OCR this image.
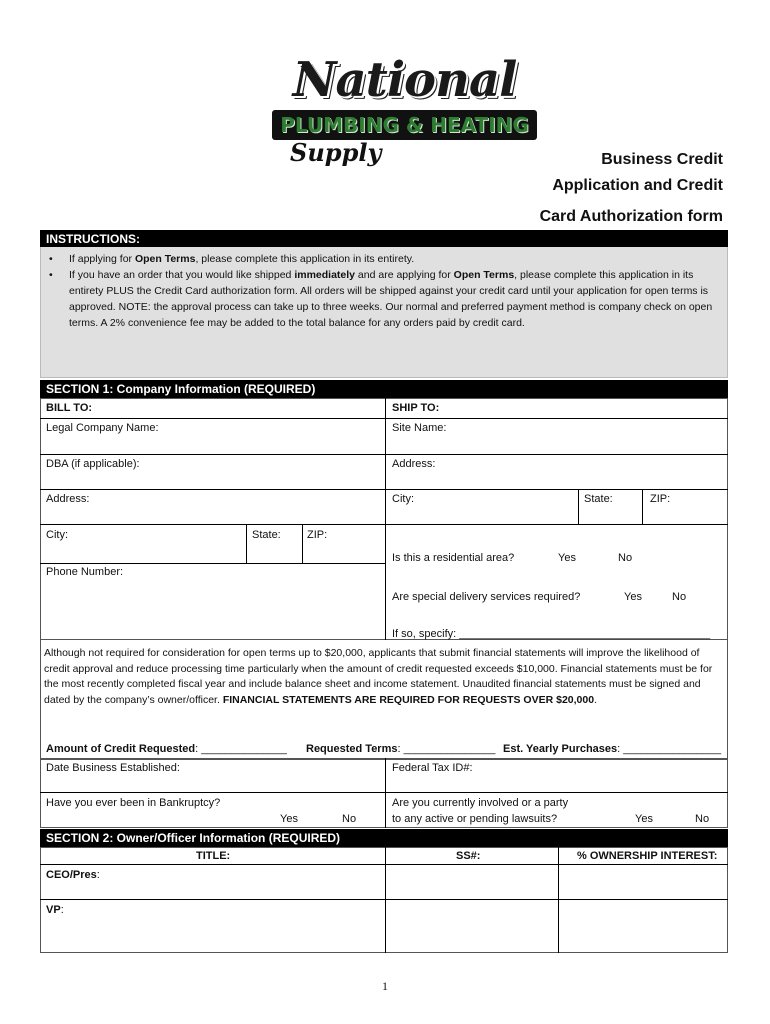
National
PLUMBING & HEATING
Supply	Business Credit
Application and Credit
Card Authorization form
INSTRUCTIONS:
• If applying for Open Terms, please complete this application in its entirety.
• If you have an order that you would like shipped immediately and are applying for Open Terms, please complete this application in its entirety PLUS the Credit Card authorization form. All orders will be shipped against your credit card until your application for open terms is approved. NOTE: the approval process can take up to three weeks. Our normal and preferred payment method is company check on open terms. A 2% convenience fee may be added to the total balance for any orders paid by credit card.
SECTION 1: Company Information (REQUIRED)
BILL TO:	SHIP TO:
Legal Company Name:	Site Name:
DBA (if applicable):	Address:
Address:	City:	State:	ZIP:
City:	State: ZIP:
Phone Number:
Is this a residential area?	Yes	No
Are special delivery services required?	Yes	No
If so, specify: _________________________________________
Although not required for consideration for open terms up to $20,000, applicants that submit financial statements will improve the likelihood of credit approval and reduce processing time particularly when the amount of credit requested exceeds $10,000. Financial statements must be for the most recently completed fiscal year and include balance sheet and income statement. Unaudited financial statements must be signed and dated by the company’s owner/officer. FINANCIAL STATEMENTS ARE REQUIRED FOR REQUESTS OVER $20,000.
Amount of Credit Requested: ______________ Requested Terms: _______________ Est. Yearly Purchases: ________________
Date Business Established:	Federal Tax ID#:
Have you ever been in Bankruptcy?
Yes	No
Are you currently involved or a party
to any active or pending lawsuits?	Yes	No
SECTION 2: Owner/Officer Information (REQUIRED)
TITLE:	SS#:	% OWNERSHIP INTEREST:
CEO/Pres:
VP:
1
